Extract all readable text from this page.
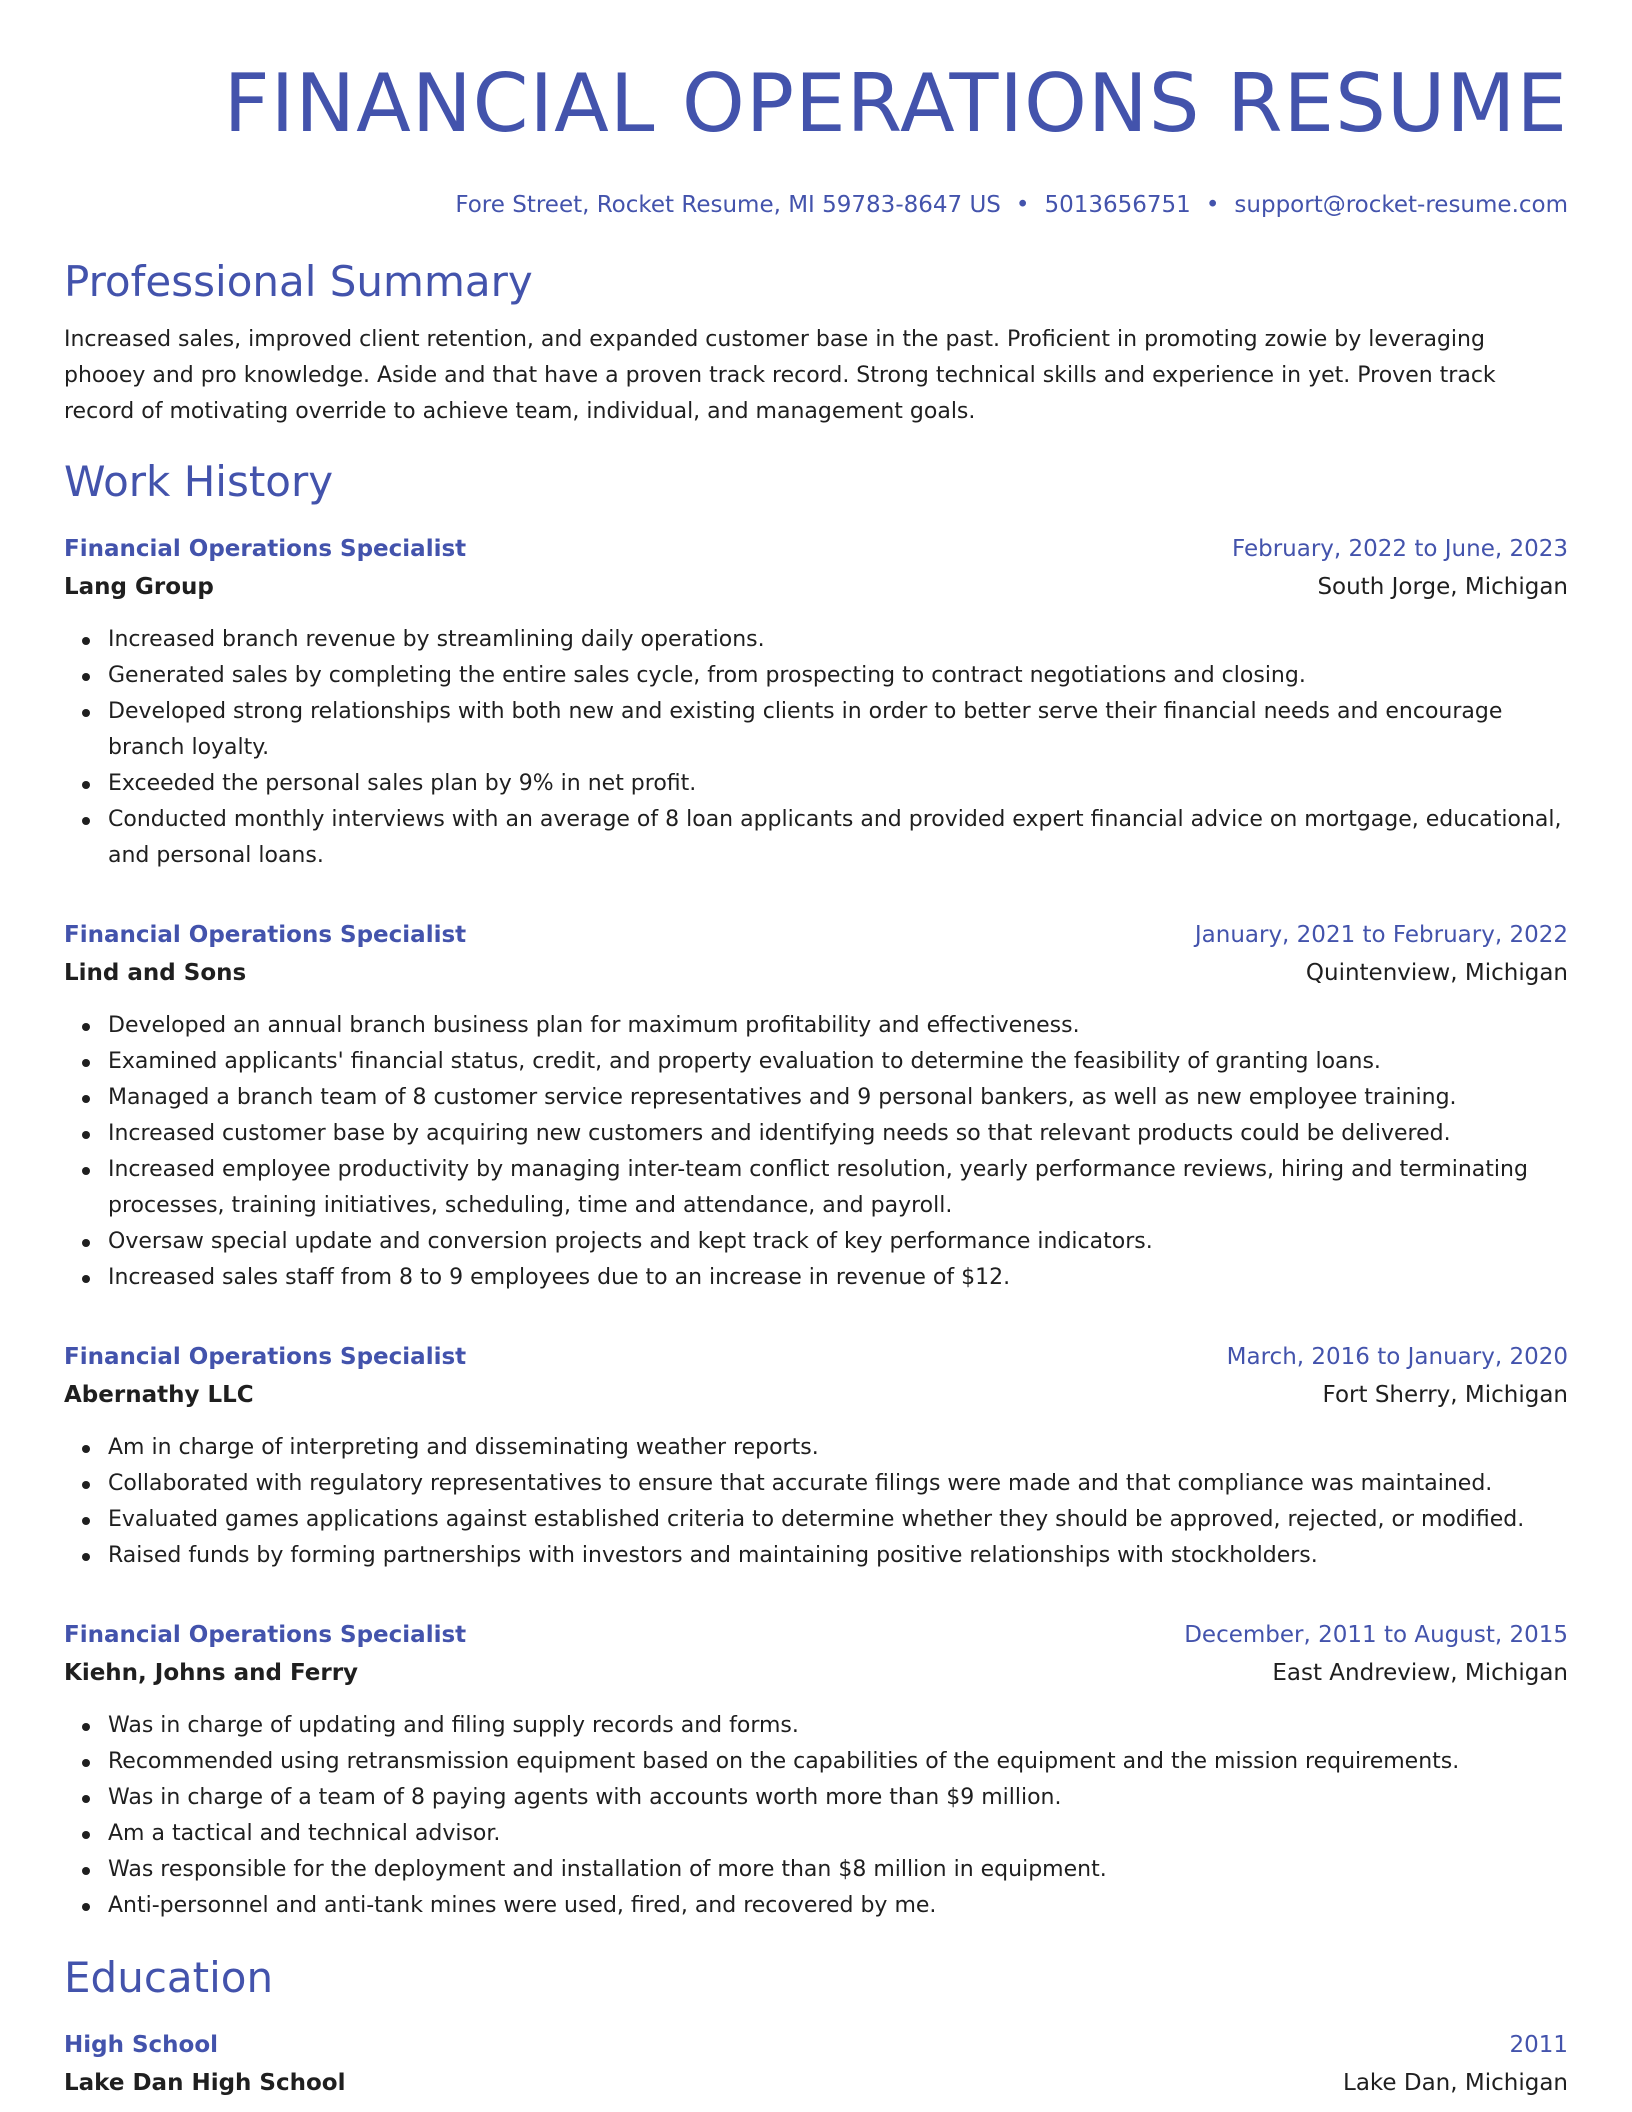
FINANCIAL OPERATIONS RESUME
Fore Street, Rocket Resume, MI 59783-8647 US • 5013656751 • support@rocket-resume.com
Professional Summary

Increased sales, improved client retention, and expanded customer base in the past. Proficient in promoting zowie by leveraging phooey and pro knowledge. Aside and that have a proven track record. Strong technical skills and experience in yet. Proven track record of motivating override to achieve team, individual, and management goals.

Work History
Financial Operations Specialist	February, 2022 to June, 2023
Lang Group	South Jorge, Michigan
Increased branch revenue by streamlining daily operations.
Generated sales by completing the entire sales cycle, from prospecting to contract negotiations and closing.
Developed strong relationships with both new and existing clients in order to better serve their financial needs and encourage branch loyalty.
Exceeded the personal sales plan by 9% in net profit.
Conducted monthly interviews with an average of 8 loan applicants and provided expert financial advice on mortgage, educational, and personal loans.
Financial Operations Specialist	January, 2021 to February, 2022
Lind and Sons	Quintenview, Michigan
Developed an annual branch business plan for maximum profitability and effectiveness.
Examined applicants' financial status, credit, and property evaluation to determine the feasibility of granting loans.
Managed a branch team of 8 customer service representatives and 9 personal bankers, as well as new employee training.
Increased customer base by acquiring new customers and identifying needs so that relevant products could be delivered.
Increased employee productivity by managing inter-team conflict resolution, yearly performance reviews, hiring and terminating processes, training initiatives, scheduling, time and attendance, and payroll.
Oversaw special update and conversion projects and kept track of key performance indicators.
Increased sales staff from 8 to 9 employees due to an increase in revenue of $12.
Financial Operations Specialist	March, 2016 to January, 2020
Abernathy LLC	Fort Sherry, Michigan
Am in charge of interpreting and disseminating weather reports.
Collaborated with regulatory representatives to ensure that accurate filings were made and that compliance was maintained.
Evaluated games applications against established criteria to determine whether they should be approved, rejected, or modified.
Raised funds by forming partnerships with investors and maintaining positive relationships with stockholders.
Financial Operations Specialist	December, 2011 to August, 2015
Kiehn, Johns and Ferry	East Andreview, Michigan
Was in charge of updating and filing supply records and forms.
Recommended using retransmission equipment based on the capabilities of the equipment and the mission requirements.
Was in charge of a team of 8 paying agents with accounts worth more than $9 million.
Am a tactical and technical advisor.
Was responsible for the deployment and installation of more than $8 million in equipment.
Anti-personnel and anti-tank mines were used, fired, and recovered by me.
Education
High School	2011
Lake Dan High School	Lake Dan, Michigan
